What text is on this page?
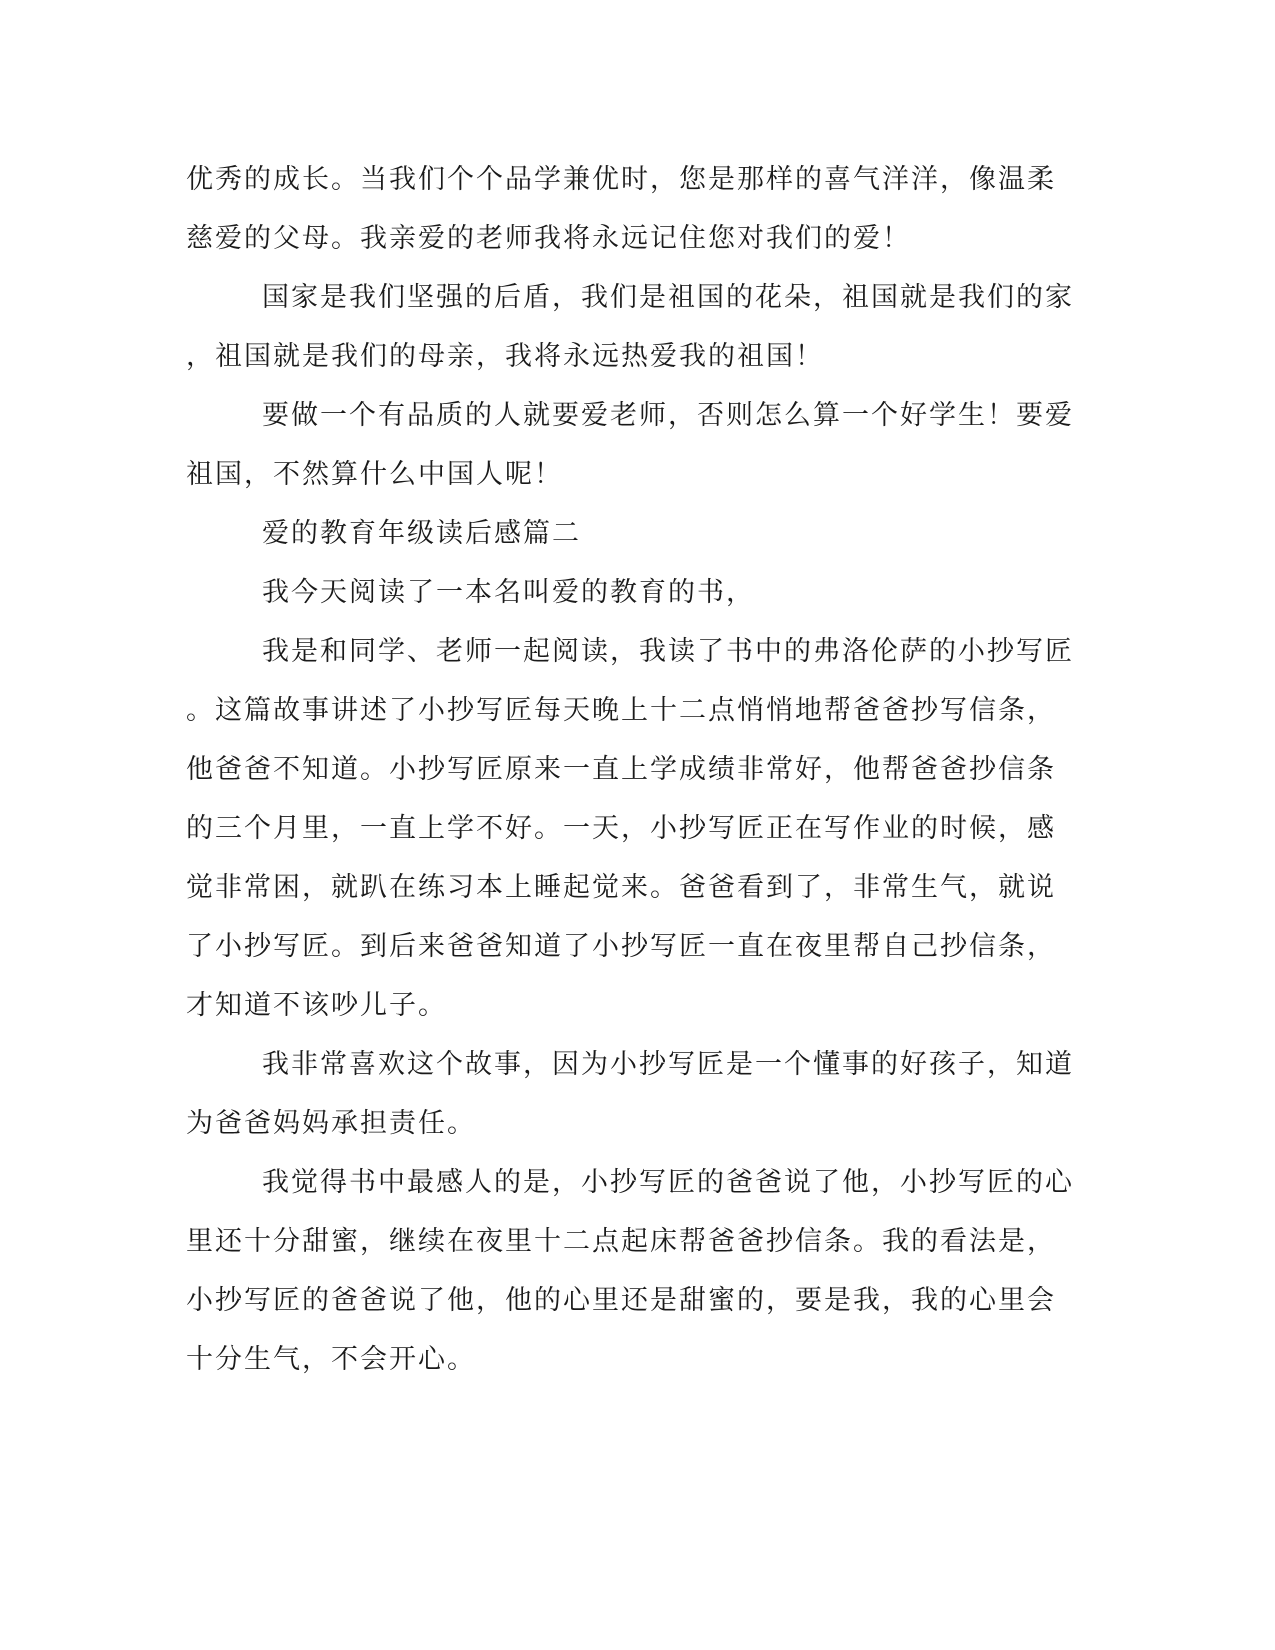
优秀的成长。当我们个个品学兼优时，您是那样的喜气洋洋，像温柔
慈爱的父母。我亲爱的老师我将永远记住您对我们的爱！
国家是我们坚强的后盾，我们是祖国的花朵，祖国就是我们的家
，祖国就是我们的母亲，我将永远热爱我的祖国！
要做一个有品质的人就要爱老师，否则怎么算一个好学生！要爱
祖国，不然算什么中国人呢！
爱的教育年级读后感篇二
我今天阅读了一本名叫爱的教育的书，
我是和同学、老师一起阅读，我读了书中的弗洛伦萨的小抄写匠
。这篇故事讲述了小抄写匠每天晚上十二点悄悄地帮爸爸抄写信条，
他爸爸不知道。小抄写匠原来一直上学成绩非常好，他帮爸爸抄信条
的三个月里，一直上学不好。一天，小抄写匠正在写作业的时候，感
觉非常困，就趴在练习本上睡起觉来。爸爸看到了，非常生气，就说
了小抄写匠。到后来爸爸知道了小抄写匠一直在夜里帮自己抄信条，
才知道不该吵儿子。
我非常喜欢这个故事，因为小抄写匠是一个懂事的好孩子，知道
为爸爸妈妈承担责任。
我觉得书中最感人的是，小抄写匠的爸爸说了他，小抄写匠的心
里还十分甜蜜，继续在夜里十二点起床帮爸爸抄信条。我的看法是，
小抄写匠的爸爸说了他，他的心里还是甜蜜的，要是我，我的心里会
十分生气，不会开心。
